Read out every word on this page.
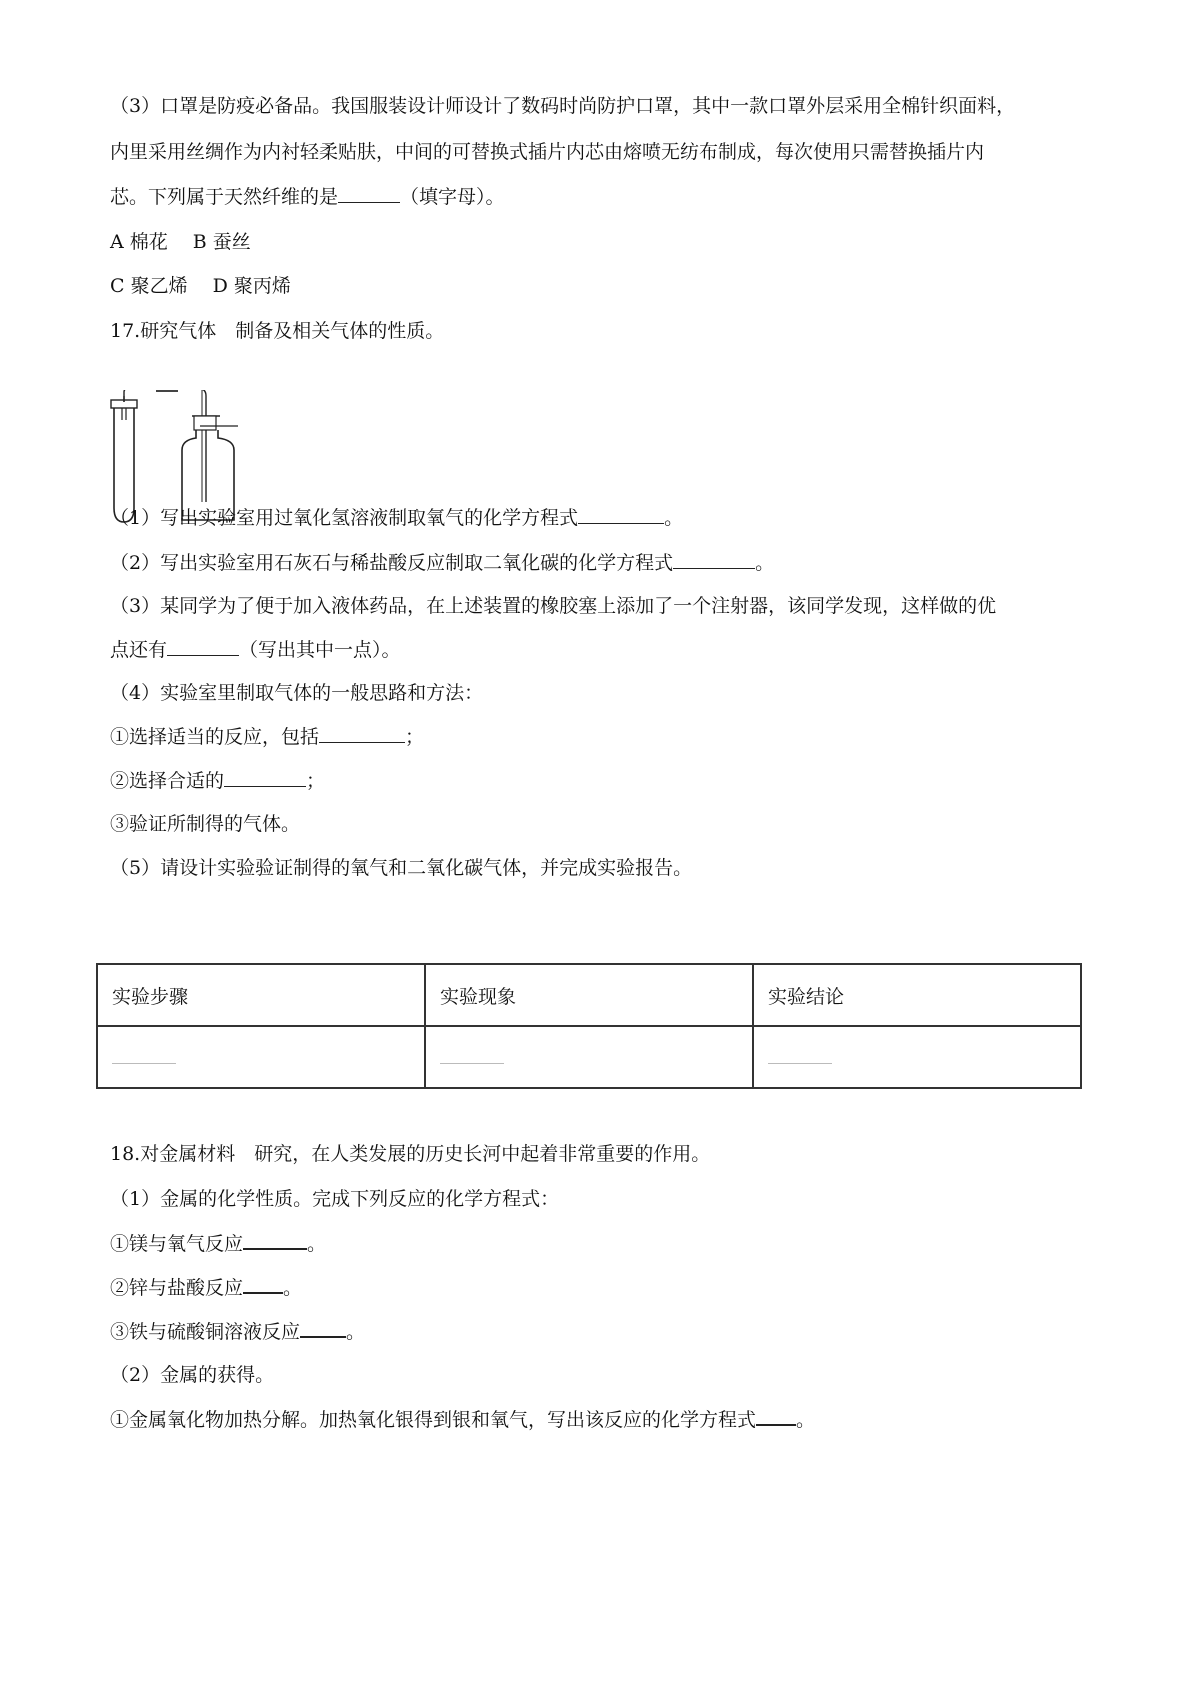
（3）口罩是防疫必备品。我国服装设计师设计了数码时尚防护口罩，其中一款口罩外层采用全棉针织面料，
内里采用丝绸作为内衬轻柔贴肤，中间的可替换式插片内芯由熔喷无纺布制成，每次使用只需替换插片内
芯。下列属于天然纤维的是	（填字母）。
A 棉花　 B 蚕丝
C 聚乙烯　 D 聚丙烯
17.研究气体　制备及相关气体的性质。
（1）写出实验室用过氧化氢溶液制取氧气的化学方程式	。
（2）写出实验室用石灰石与稀盐酸反应制取二氧化碳的化学方程式	。
（3）某同学为了便于加入液体药品，在上述装置的橡胶塞上添加了一个注射器，该同学发现，这样做的优
点还有	（写出其中一点）。
（4）实验室里制取气体的一般思路和方法：
①选择适当的反应，包括	；
②选择合适的	；
③验证所制得的气体。
（5）请设计实验验证制得的氧气和二氧化碳气体，并完成实验报告。
实验步骤	实验现象	实验结论

18.对金属材料　研究，在人类发展的历史长河中起着非常重要的作用。
（1）金属的化学性质。完成下列反应的化学方程式：
①镁与氧气反应	。
②锌与盐酸反应 。
③铁与硫酸铜溶液反应 。
（2）金属的获得。
①金属氧化物加热分解。加热氧化银得到银和氧气，写出该反应的化学方程式 。
